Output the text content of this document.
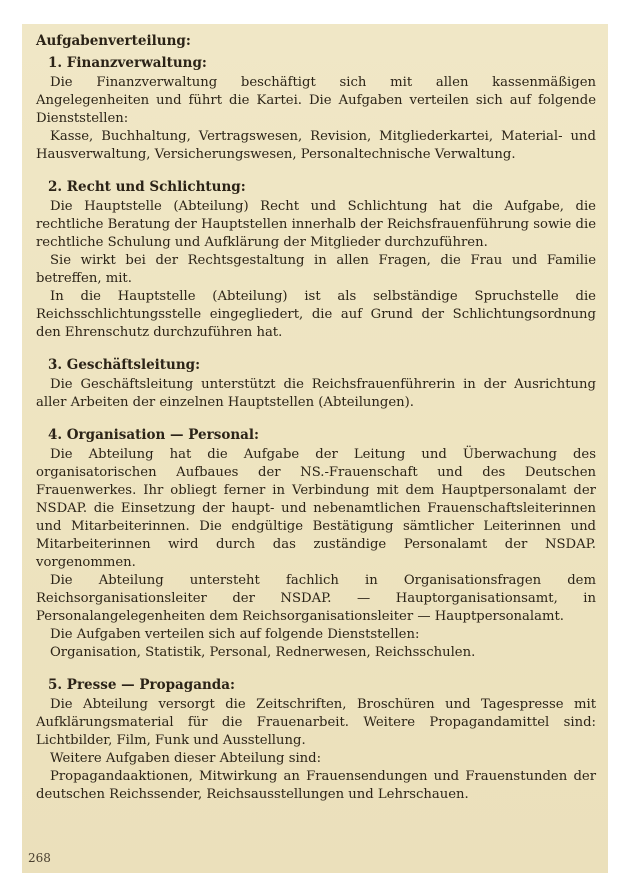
Aufgabenverteilung:
1. Finanzverwaltung:

Die Finanzverwaltung beschäftigt sich mit allen kassenmäßigen Angelegenheiten und führt die Kartei. Die Aufgaben verteilen sich auf folgende Dienststellen:

Kasse, Buchhaltung, Vertragswesen, Revision, Mitgliederkartei, Material- und Hausverwaltung, Versicherungswesen, Personaltechnische Verwaltung.

2. Recht und Schlichtung:

Die Hauptstelle (Abteilung) Recht und Schlichtung hat die Aufgabe, die rechtliche Beratung der Hauptstellen innerhalb der Reichsfrauenführung sowie die rechtliche Schulung und Aufklärung der Mitglieder durchzuführen.

Sie wirkt bei der Rechtsgestaltung in allen Fragen, die Frau und Familie betreffen, mit.

In die Hauptstelle (Abteilung) ist als selbständige Spruchstelle die Reichsschlichtungsstelle eingegliedert, die auf Grund der Schlichtungsordnung den Ehrenschutz durchzuführen hat.

3. Geschäftsleitung:

Die Geschäftsleitung unterstützt die Reichsfrauenführerin in der Ausrichtung aller Arbeiten der einzelnen Hauptstellen (Abteilungen).

4. Organisation — Personal:

Die Abteilung hat die Aufgabe der Leitung und Überwachung des organisatorischen Aufbaues der NS.-Frauenschaft und des Deutschen Frauenwerkes. Ihr obliegt ferner in Verbindung mit dem Hauptpersonalamt der NSDAP. die Einsetzung der haupt- und nebenamtlichen Frauenschaftsleiterinnen und Mitarbeiterinnen. Die endgültige Bestätigung sämtlicher Leiterinnen und Mitarbeiterinnen wird durch das zuständige Personalamt der NSDAP. vorgenommen.

Die Abteilung untersteht fachlich in Organisationsfragen dem Reichsorganisationsleiter der NSDAP. — Hauptorganisationsamt, in Personalangelegenheiten dem Reichsorganisationsleiter — Hauptpersonalamt.

Die Aufgaben verteilen sich auf folgende Dienststellen:

Organisation, Statistik, Personal, Rednerwesen, Reichsschulen.

5. Presse — Propaganda:

Die Abteilung versorgt die Zeitschriften, Broschüren und Tagespresse mit Aufklärungsmaterial für die Frauenarbeit. Weitere Propagandamittel sind: Lichtbilder, Film, Funk und Ausstellung.

Weitere Aufgaben dieser Abteilung sind:

Propagandaaktionen, Mitwirkung an Frauensendungen und Frauenstunden der deutschen Reichssender, Reichsausstellungen und Lehrschauen.

268
